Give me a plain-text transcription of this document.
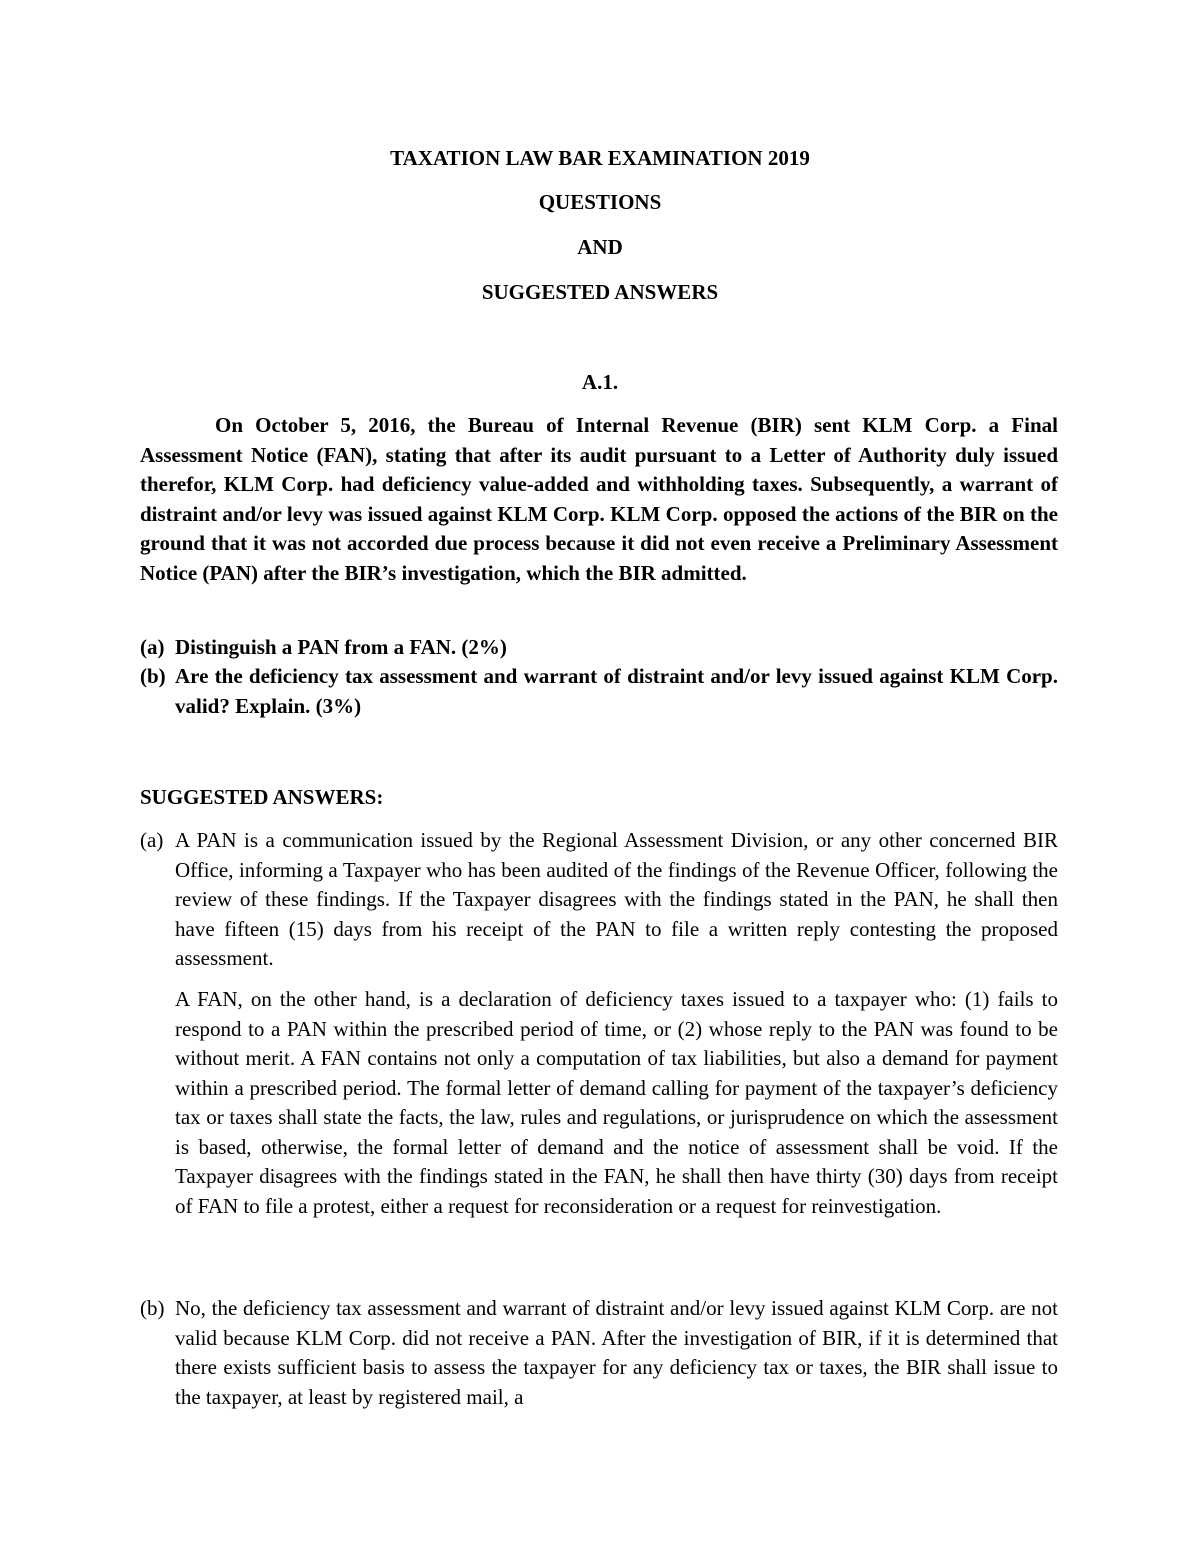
TAXATION LAW BAR EXAMINATION 2019
QUESTIONS
AND
SUGGESTED ANSWERS
A.1.

On October 5, 2016, the Bureau of Internal Revenue (BIR) sent KLM Corp. a Final Assessment Notice (FAN), stating that after its audit pursuant to a Letter of Authority duly issued therefor, KLM Corp. had deficiency value-added and withholding taxes. Subsequently, a warrant of distraint and/or levy was issued against KLM Corp. KLM Corp. opposed the actions of the BIR on the ground that it was not accorded due process because it did not even receive a Preliminary Assessment Notice (PAN) after the BIR’s investigation, which the BIR admitted.

(a) Distinguish a PAN from a FAN. (2%)
(b) Are the deficiency tax assessment and warrant of distraint and/or levy issued against KLM Corp. valid? Explain. (3%)
SUGGESTED ANSWERS:
(a) A PAN is a communication issued by the Regional Assessment Division, or any other concerned BIR Office, informing a Taxpayer who has been audited of the findings of the Revenue Officer, following the review of these findings. If the Taxpayer disagrees with the findings stated in the PAN, he shall then have fifteen (15) days from his receipt of the PAN to file a written reply contesting the proposed assessment.

A FAN, on the other hand, is a declaration of deficiency taxes issued to a taxpayer who: (1) fails to respond to a PAN within the prescribed period of time, or (2) whose reply to the PAN was found to be without merit. A FAN contains not only a computation of tax liabilities, but also a demand for payment within a prescribed period. The formal letter of demand calling for payment of the taxpayer’s deficiency tax or taxes shall state the facts, the law, rules and regulations, or jurisprudence on which the assessment is based, otherwise, the formal letter of demand and the notice of assessment shall be void. If the Taxpayer disagrees with the findings stated in the FAN, he shall then have thirty (30) days from receipt of FAN to file a protest, either a request for reconsideration or a request for reinvestigation.

(b) No, the deficiency tax assessment and warrant of distraint and/or levy issued against KLM Corp. are not valid because KLM Corp. did not receive a PAN. After the investigation of BIR, if it is determined that there exists sufficient basis to assess the taxpayer for any deficiency tax or taxes, the BIR shall issue to the taxpayer, at least by registered mail, a
